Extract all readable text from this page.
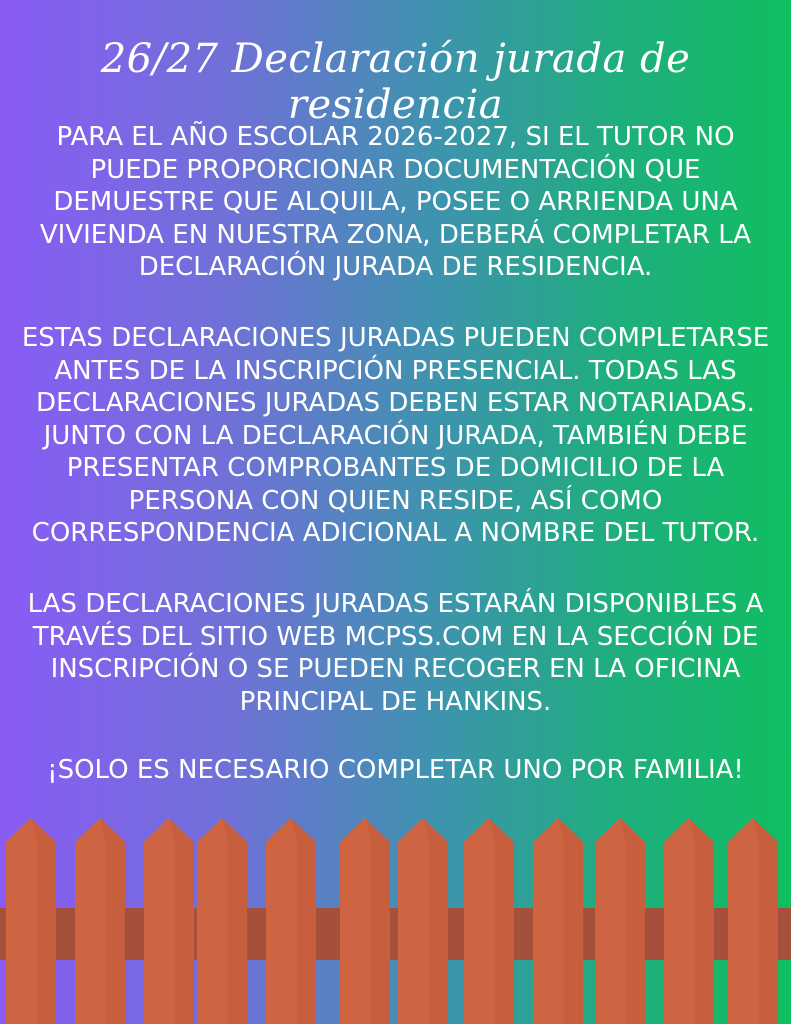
26/27 Declaración jurada de residencia
PARA EL AÑO ESCOLAR 2026-2027, SI EL TUTOR NO
PUEDE PROPORCIONAR DOCUMENTACIÓN QUE
DEMUESTRE QUE ALQUILA, POSEE O ARRIENDA UNA
VIVIENDA EN NUESTRA ZONA, DEBERÁ COMPLETAR LA
DECLARACIÓN JURADA DE RESIDENCIA.
ESTAS DECLARACIONES JURADAS PUEDEN COMPLETARSE
ANTES DE LA INSCRIPCIÓN PRESENCIAL. TODAS LAS
DECLARACIONES JURADAS DEBEN ESTAR NOTARIADAS.
JUNTO CON LA DECLARACIÓN JURADA, TAMBIÉN DEBE
PRESENTAR COMPROBANTES DE DOMICILIO DE LA
PERSONA CON QUIEN RESIDE, ASÍ COMO
CORRESPONDENCIA ADICIONAL A NOMBRE DEL TUTOR.
LAS DECLARACIONES JURADAS ESTARÁN DISPONIBLES A
TRAVÉS DEL SITIO WEB MCPSS.COM EN LA SECCIÓN DE
INSCRIPCIÓN O SE PUEDEN RECOGER EN LA OFICINA
PRINCIPAL DE HANKINS.
¡SOLO ES NECESARIO COMPLETAR UNO POR FAMILIA!
